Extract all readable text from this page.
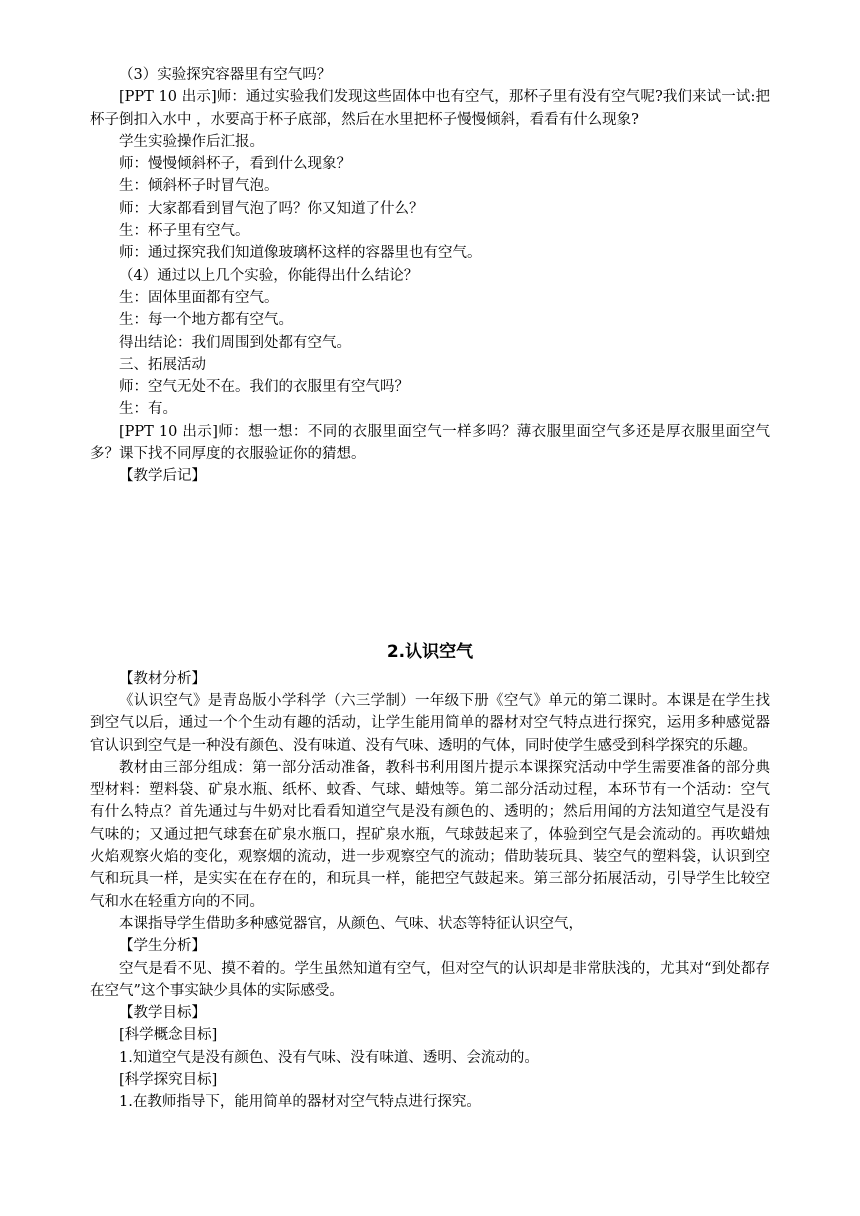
（3）实验探究容器里有空气吗？

[PPT 10 出示]师：通过实验我们发现这些固体中也有空气，那杯子里有没有空气呢?我们来试一试:把杯子倒扣入水中 ，水要高于杯子底部，然后在水里把杯子慢慢倾斜，看看有什么现象?

学生实验操作后汇报。

师：慢慢倾斜杯子，看到什么现象？

生：倾斜杯子时冒气泡。

师：大家都看到冒气泡了吗？你又知道了什么？

生：杯子里有空气。

师：通过探究我们知道像玻璃杯这样的容器里也有空气。

（4）通过以上几个实验，你能得出什么结论？

生：固体里面都有空气。

生：每一个地方都有空气。

得出结论：我们周围到处都有空气。

三、拓展活动

师：空气无处不在。我们的衣服里有空气吗？

生：有。

[PPT 10 出示]师：想一想：不同的衣服里面空气一样多吗？薄衣服里面空气多还是厚衣服里面空气多？课下找不同厚度的衣服验证你的猜想。

【教学后记】

2.认识空气

【教材分析】

《认识空气》是青岛版小学科学（六三学制）一年级下册《空气》单元的第二课时。本课是在学生找到空气以后，通过一个个生动有趣的活动，让学生能用简单的器材对空气特点进行探究，运用多种感觉器官认识到空气是一种没有颜色、没有味道、没有气味、透明的气体，同时使学生感受到科学探究的乐趣。

教材由三部分组成：第一部分活动准备，教科书利用图片提示本课探究活动中学生需要准备的部分典型材料：塑料袋、矿泉水瓶、纸杯、蚊香、气球、蜡烛等。第二部分活动过程，本环节有一个活动：空气有什么特点？首先通过与牛奶对比看看知道空气是没有颜色的、透明的；然后用闻的方法知道空气是没有气味的；又通过把气球套在矿泉水瓶口，捏矿泉水瓶，气球鼓起来了，体验到空气是会流动的。再吹蜡烛火焰观察火焰的变化，观察烟的流动，进一步观察空气的流动；借助装玩具、装空气的塑料袋，认识到空气和玩具一样，是实实在在存在的，和玩具一样，能把空气鼓起来。第三部分拓展活动，引导学生比较空气和水在轻重方向的不同。

本课指导学生借助多种感觉器官，从颜色、气味、状态等特征认识空气，

【学生分析】

空气是看不见、摸不着的。学生虽然知道有空气，但对空气的认识却是非常肤浅的，尤其对“到处都存在空气”这个事实缺少具体的实际感受。

【教学目标】

[科学概念目标]

1.知道空气是没有颜色、没有气味、没有味道、透明、会流动的。

[科学探究目标]

1.在教师指导下，能用简单的器材对空气特点进行探究。
